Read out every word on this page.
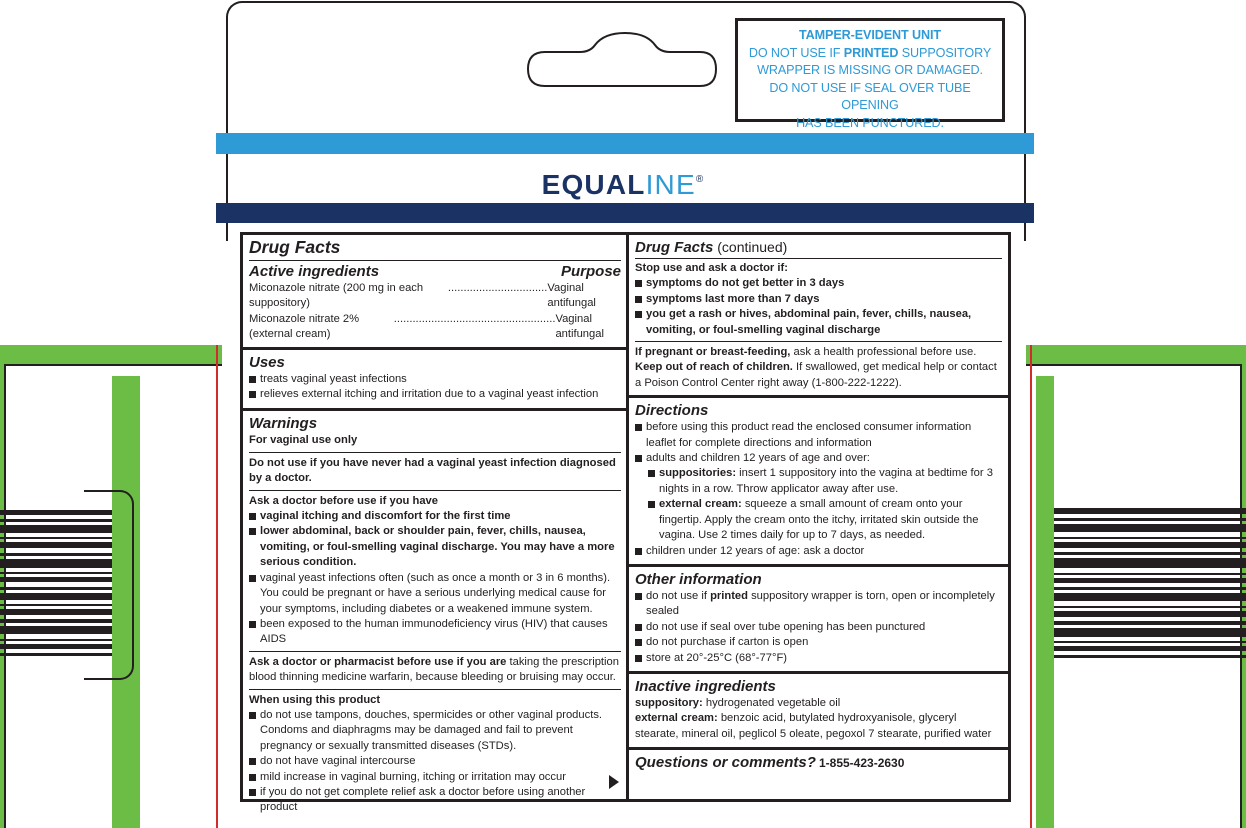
TAMPER-EVIDENT UNIT
DO NOT USE IF PRINTED SUPPOSITORY
WRAPPER IS MISSING OR DAMAGED.
DO NOT USE IF SEAL OVER TUBE OPENING
HAS BEEN PUNCTURED.
EQUALINE®
Drug Facts
Active ingredients	Purpose
Miconazole nitrate (200 mg in each suppository)
................................ Vaginal antifungal
Miconazole nitrate 2% (external cream)
.................................................... Vaginal antifungal
Uses
treats vaginal yeast infections
relieves external itching and irritation due to a vaginal yeast infection
Warnings
For vaginal use only
Do not use if you have never had a vaginal yeast infection diagnosed by a doctor.
Ask a doctor before use if you have
vaginal itching and discomfort for the first time
lower abdominal, back or shoulder pain, fever, chills, nausea, vomiting, or foul-smelling vaginal discharge. You may have a more serious condition.
vaginal yeast infections often (such as once a month or 3 in 6 months). You could be pregnant or have a serious underlying medical cause for your symptoms, including diabetes or a weakened immune system.
been exposed to the human immunodeficiency virus (HIV) that causes AIDS
Ask a doctor or pharmacist before use if you are taking the prescription blood thinning medicine warfarin, because bleeding or bruising may occur.
When using this product
do not use tampons, douches, spermicides or other vaginal products. Condoms and diaphragms may be damaged and fail to prevent pregnancy or sexually transmitted diseases (STDs).
do not have vaginal intercourse
mild increase in vaginal burning, itching or irritation may occur
if you do not get complete relief ask a doctor before using another product
Drug Facts (continued)
Stop use and ask a doctor if:
symptoms do not get better in 3 days
symptoms last more than 7 days
you get a rash or hives, abdominal pain, fever, chills, nausea, vomiting, or foul-smelling vaginal discharge
If pregnant or breast-feeding, ask a health professional before use.
Keep out of reach of children. If swallowed, get medical help or contact a Poison Control Center right away (1-800-222-1222).
Directions
before using this product read the enclosed consumer information leaflet for complete directions and information
adults and children 12 years of age and over:
suppositories: insert 1 suppository into the vagina at bedtime for 3 nights in a row. Throw applicator away after use.
external cream: squeeze a small amount of cream onto your fingertip. Apply the cream onto the itchy, irritated skin outside the vagina. Use 2 times daily for up to 7 days, as needed.
children under 12 years of age: ask a doctor
Other information
do not use if printed suppository wrapper is torn, open or incompletely sealed
do not use if seal over tube opening has been punctured
do not purchase if carton is open
store at 20°-25°C (68°-77°F)
Inactive ingredients
suppository: hydrogenated vegetable oil
external cream: benzoic acid, butylated hydroxyanisole, glyceryl stearate, mineral oil, peglicol 5 oleate, pegoxol 7 stearate, purified water
Questions or comments? 1-855-423-2630
